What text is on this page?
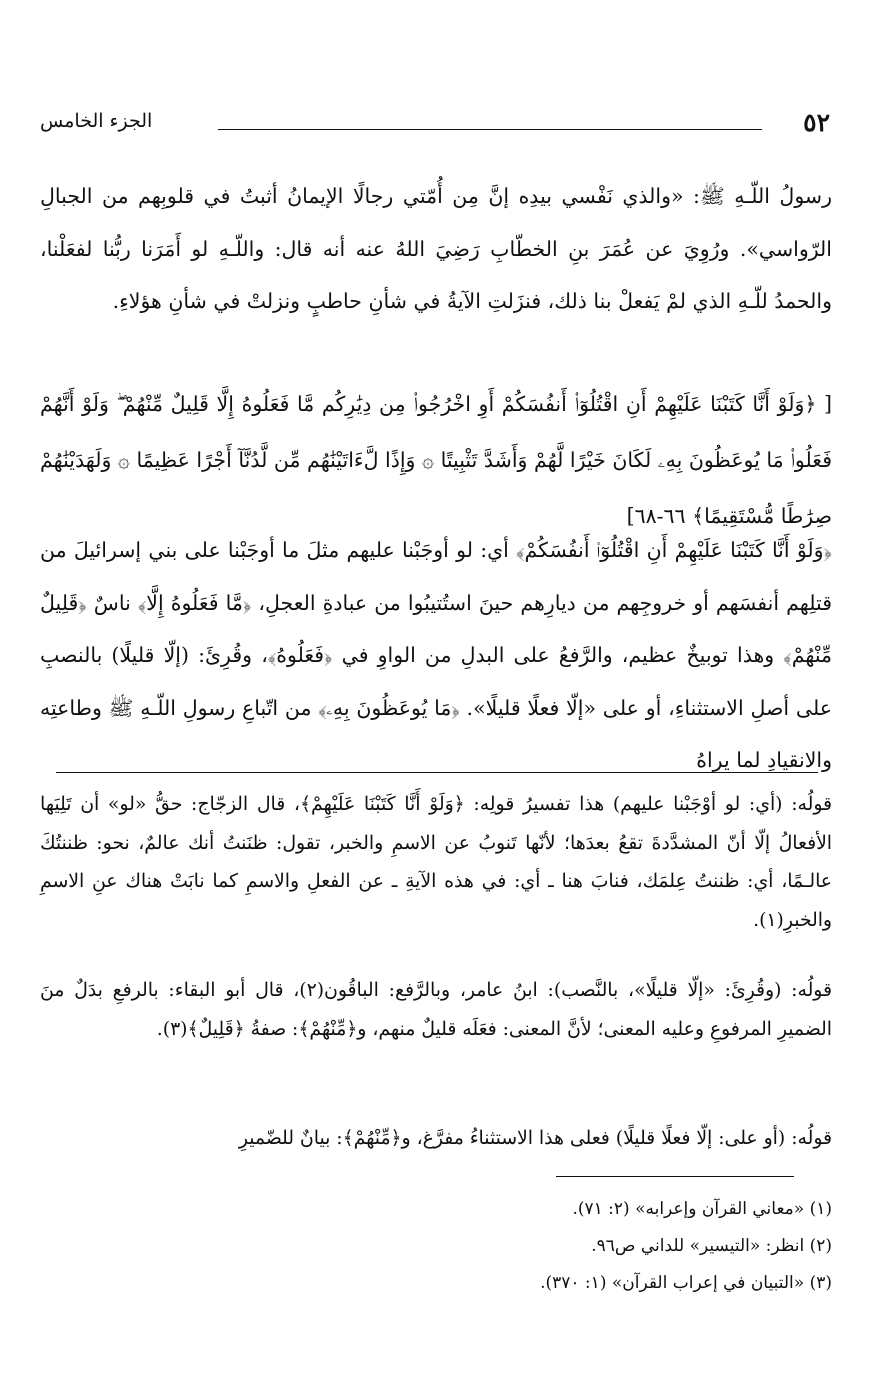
٥٢
الجزء الخامس
رسولُ اللّـهِ ﷺ: «والذي نَفْسي بيدِه إنَّ مِن أُمّتي رجالًا الإيمانُ أثبتُ في قلوبِهم من الجبالِ الرّواسي». ورُوِيَ عن عُمَرَ بنِ الخطّابِ رَضِيَ اللهُ عنه أنه قال: واللّـهِ لو أَمَرَنا ربُّنا لفعَلْنا، والحمدُ للّـهِ الذي لمْ يَفعلْ بنا ذلك، فنزَلتِ الآيةُ في شأنِ حاطبٍ ونزلتْ في شأنِ هؤلاءِ.
[ ﴿وَلَوْ أَنَّا كَتَبْنَا عَلَيْهِمْ أَنِ اقْتُلُوٓا۟ أَنفُسَكُمْ أَوِ اخْرُجُوا۟ مِن دِيَٰرِكُم مَّا فَعَلُوهُ إِلَّا قَلِيلٌ مِّنْهُمْ ۖ وَلَوْ أَنَّهُمْ فَعَلُوا۟ مَا يُوعَظُونَ بِهِۦ لَكَانَ خَيْرًا لَّهُمْ وَأَشَدَّ تَثْبِيتًا ۞ وَإِذًا لَّءَاتَيْنَٰهُم مِّن لَّدُنَّآ أَجْرًا عَظِيمًا ۞ وَلَهَدَيْنَٰهُمْ صِرَٰطًا مُّسْتَقِيمًا﴾ ٦٦-٦٨]
﴿وَلَوْ أَنَّا كَتَبْنَا عَلَيْهِمْ أَنِ اقْتُلُوٓا۟ أَنفُسَكُمْ﴾ أي: لو أوجَبْنا عليهم مثلَ ما أوجَبْنا على بني إسرائيلَ من قتلِهم أنفسَهم أو خروجِهم من ديارِهم حينَ استُتيبُوا من عبادةِ العجلِ، ﴿مَّا فَعَلُوهُ إِلَّا﴾ ناسٌ ﴿قَلِيلٌ مِّنْهُمْ﴾ وهذا توبيخٌ عظيم، والرَّفعُ على البدلِ من الواوِ في ﴿فَعَلُوهُ﴾، وقُرِئَ: (إلّا قليلًا) بالنصبِ على أصلِ الاستثناءِ، أو على «إلّا فعلًا قليلًا». ﴿مَا يُوعَظُونَ بِهِۦ﴾ من اتّباعِ رسولِ اللّـهِ ﷺ وطاعتِه والانقيادِ لما يراهُ
قولُه: (أي: لو أوْجَبْنا عليهم) هذا تفسيرُ قولِه: ﴿وَلَوْ أَنَّا كَتَبْنَا عَلَيْهِمْ﴾، قال الزجّاج: حقُّ «لو» أن تَلِيَها الأفعالُ إلّا أنّ المشدَّدةَ تقعُ بعدَها؛ لأنّها تَنوبُ عن الاسمِ والخبر، تقول: ظنَنتُ أنك عالمٌ، نحو: ظننتُكَ عالـمًا، أي: ظننتُ عِلمَك، فنابَ هنا ـ أي: في هذه الآيةِ ـ عن الفعلِ والاسمِ كما نابَتْ هناك عنِ الاسمِ والخبرِ(١).
قولُه: (وقُرِئَ: «إلّا قليلًا»، بالنَّصب): ابنُ عامر، وبالرَّفع: الباقُون(٢)، قال أبو البقاء: بالرفعِ بدَلٌ منَ الضميرِ المرفوعِ وعليه المعنى؛ لأنَّ المعنى: فعَلَه قليلٌ منهم، و﴿مِّنْهُمْ﴾: صفةُ ﴿قَلِيلٌ﴾(٣).
قولُه: (أو على: إلّا فعلًا قليلًا) فعلى هذا الاستثناءُ مفرَّغ، و﴿مِّنْهُمْ﴾: بيانٌ للضّميرِ
(١) «معاني القرآن وإعرابه» (٢: ٧١).
(٢) انظر: «التيسير» للداني ص٩٦.
(٣) «التبيان في إعراب القرآن» (١: ٣٧٠).
